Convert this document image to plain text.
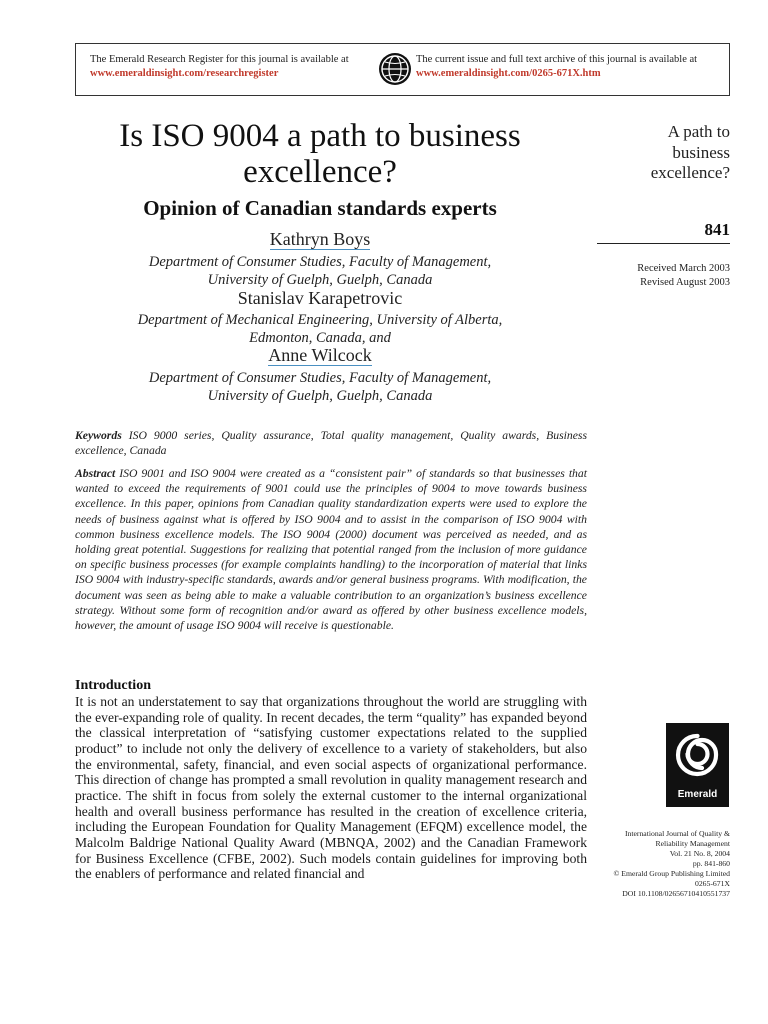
The Emerald Research Register for this journal is available at
www.emeraldinsight.com/researchregister
The current issue and full text archive of this journal is available at
www.emeraldinsight.com/0265-671X.htm
Is ISO 9004 a path to business
excellence?
Opinion of Canadian standards experts
Kathryn Boys
Department of Consumer Studies, Faculty of Management,
University of Guelph, Guelph, Canada
Stanislav Karapetrovic
Department of Mechanical Engineering, University of Alberta,
Edmonton, Canada, and
Anne Wilcock
Department of Consumer Studies, Faculty of Management,
University of Guelph, Guelph, Canada
A path to
business
excellence?
841
Received March 2003
Revised August 2003
Keywords ISO 9000 series, Quality assurance, Total quality management, Quality awards, Business excellence, Canada
Abstract ISO 9001 and ISO 9004 were created as a “consistent pair” of standards so that businesses that wanted to exceed the requirements of 9001 could use the principles of 9004 to move towards business excellence. In this paper, opinions from Canadian quality standardization experts were used to explore the needs of business against what is offered by ISO 9004 and to assist in the comparison of ISO 9004 with common business excellence models. The ISO 9004 (2000) document was perceived as needed, and as holding great potential. Suggestions for realizing that potential ranged from the inclusion of more guidance on specific business processes (for example complaints handling) to the incorporation of material that links ISO 9004 with industry-specific standards, awards and/or general business programs. With modification, the document was seen as being able to make a valuable contribution to an organization’s business excellence strategy. Without some form of recognition and/or award as offered by other business excellence models, however, the amount of usage ISO 9004 will receive is questionable.
Introduction

It is not an understatement to say that organizations throughout the world are struggling with the ever-expanding role of quality. In recent decades, the term “quality” has expanded beyond the classical interpretation of “satisfying customer expectations related to the supplied product” to include not only the delivery of excellence to a variety of stakeholders, but also the environmental, safety, financial, and even social aspects of organizational performance. This direction of change has prompted a small revolution in quality management research and practice. The shift in focus from solely the external customer to the internal organizational health and overall business performance has resulted in the creation of excellence criteria, including the European Foundation for Quality Management (EFQM) excellence model, the Malcolm Baldrige National Quality Award (MBNQA, 2002) and the Canadian Framework for Business Excellence (CFBE, 2002). Such models contain guidelines for improving both the enablers of performance and related financial and

Emerald
International Journal of Quality &
Reliability Management
Vol. 21 No. 8, 2004
pp. 841-860
© Emerald Group Publishing Limited
0265-671X
DOI 10.1108/02656710410551737
